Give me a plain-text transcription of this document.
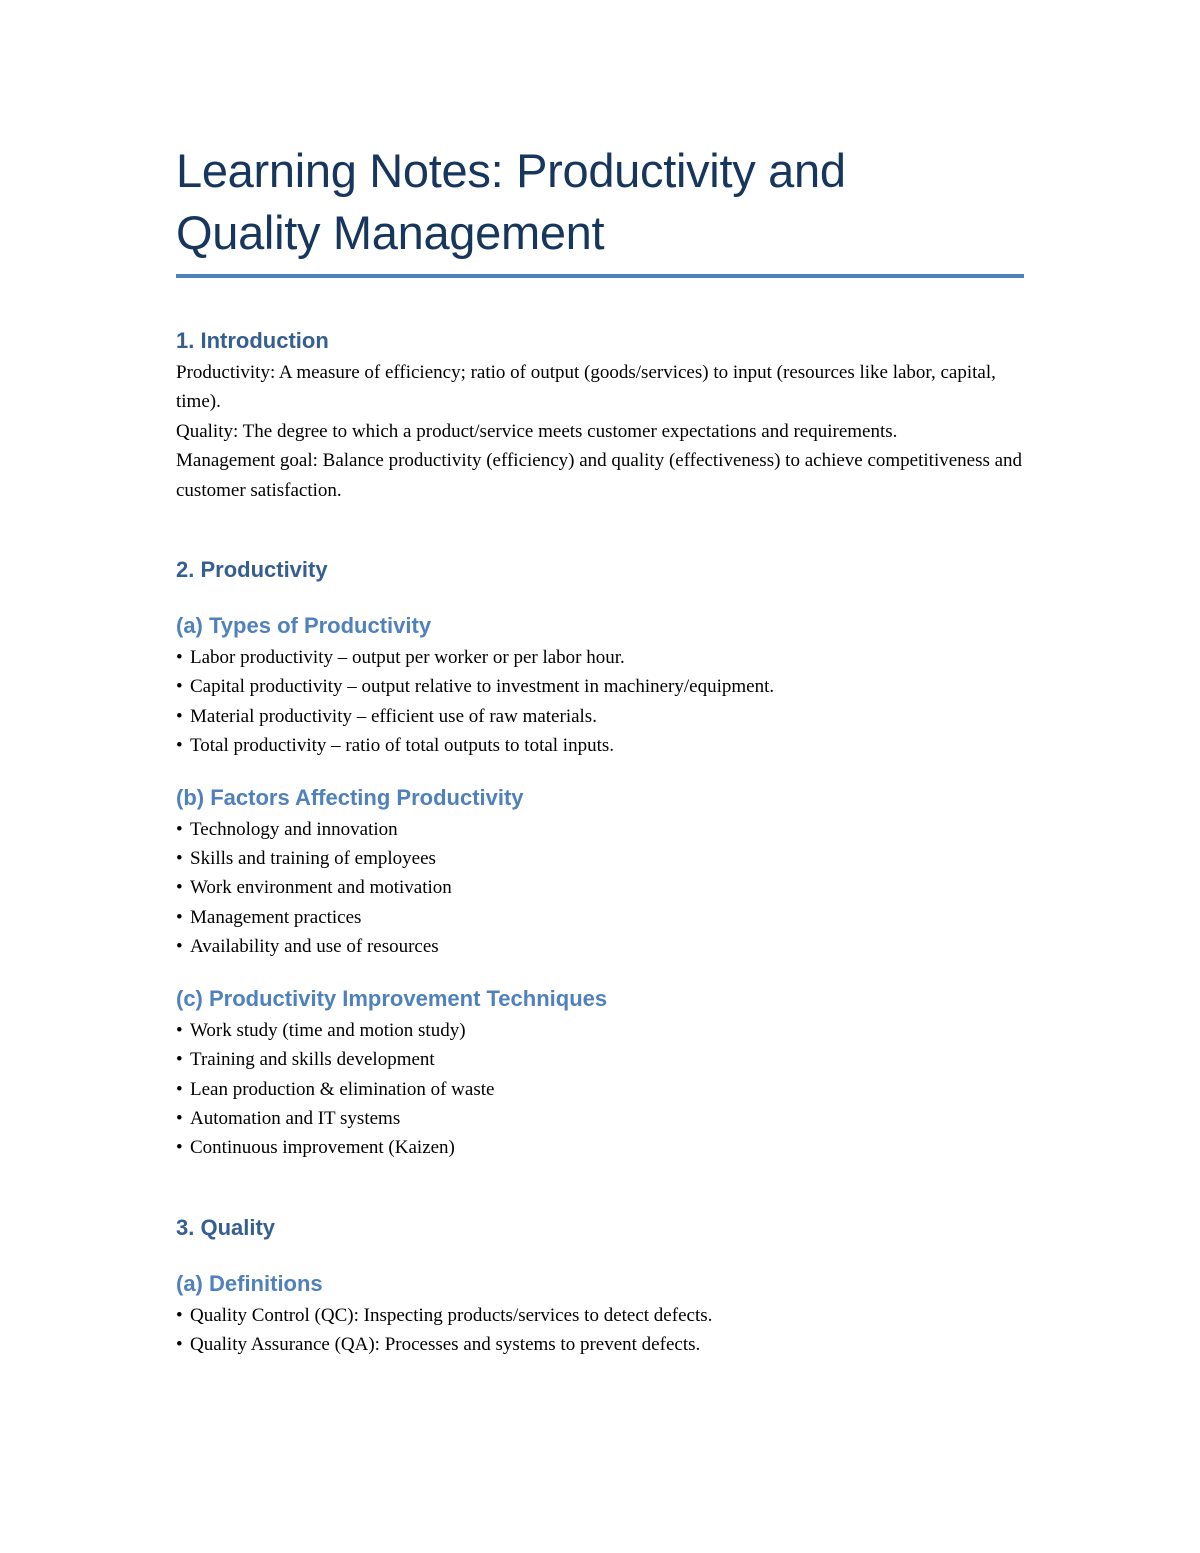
Learning Notes: Productivity and
Quality Management
1. Introduction

Productivity: A measure of efficiency; ratio of output (goods/services) to input (resources like labor, capital, time).

Quality: The degree to which a product/service meets customer expectations and requirements.

Management goal: Balance productivity (efficiency) and quality (effectiveness) to achieve competitiveness and customer satisfaction.

2. Productivity
(a) Types of Productivity
• Labor productivity – output per worker or per labor hour.
• Capital productivity – output relative to investment in machinery/equipment.
• Material productivity – efficient use of raw materials.
• Total productivity – ratio of total outputs to total inputs.
(b) Factors Affecting Productivity
• Technology and innovation
• Skills and training of employees
• Work environment and motivation
• Management practices
• Availability and use of resources
(c) Productivity Improvement Techniques
• Work study (time and motion study)
• Training and skills development
• Lean production & elimination of waste
• Automation and IT systems
• Continuous improvement (Kaizen)
3. Quality
(a) Definitions
• Quality Control (QC): Inspecting products/services to detect defects.
• Quality Assurance (QA): Processes and systems to prevent defects.
